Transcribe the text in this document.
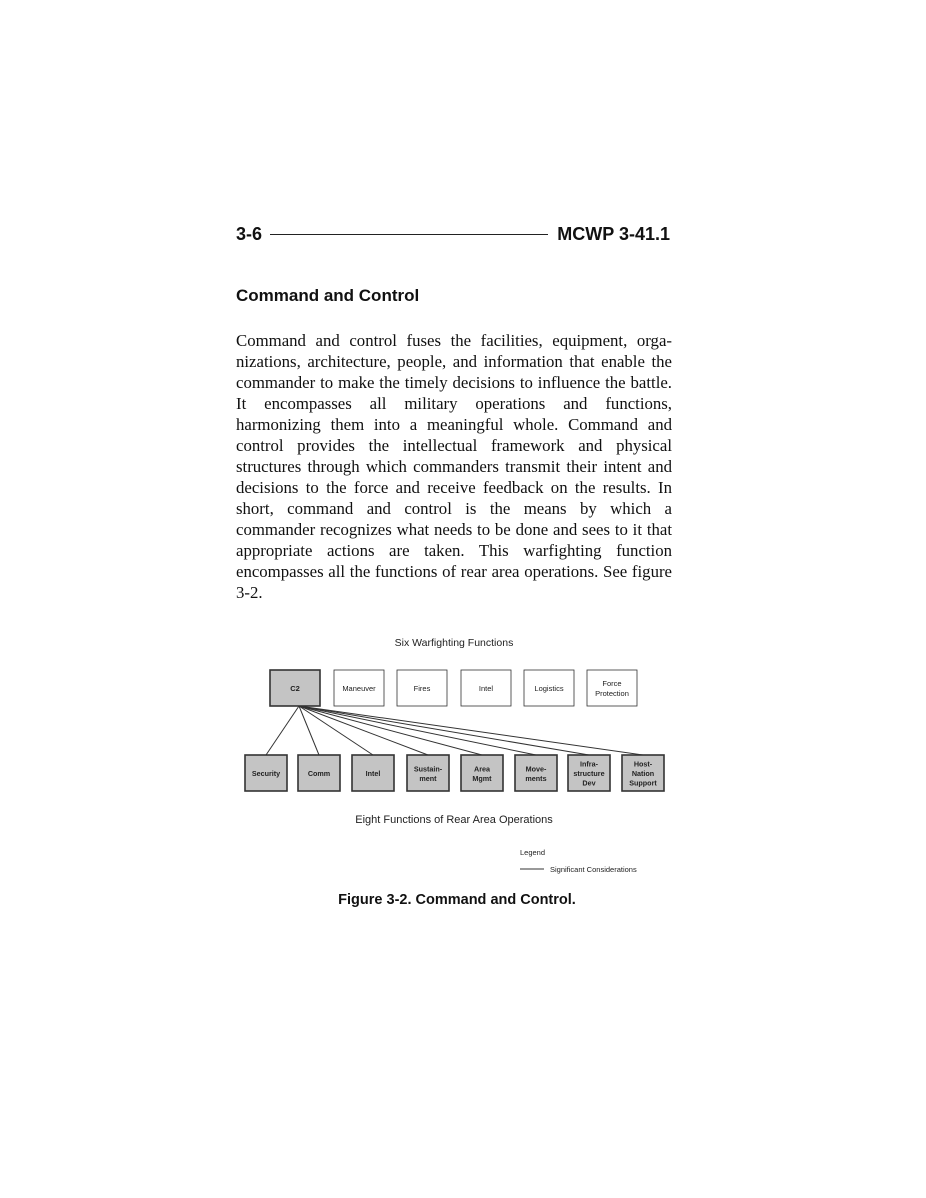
3-6	MCWP 3-41.1
Command and Control

Command and control fuses the facilities, equipment, organizations, architecture, people, and information that enable the commander to make the timely decisions to influence the battle. It encompasses all military operations and functions, harmonizing them into a meaningful whole. Command and control provides the intellectual framework and physical structures through which commanders transmit their intent and decisions to the force and receive feedback on the results. In short, command and control is the means by which a commander recognizes what needs to be done and sees to it that appropriate actions are taken. This warfighting function encompasses all the functions of rear area operations. See figure 3-2.

Six Warfighting Functions
C2	Maneuver	Fires	Intel	Logistics
Force
Protection
Security	Comm	Intel
Sustain-
ment
Area
Mgmt
Move-
ments
Infra-
structure
Dev
Host-
Nation
Support
Eight Functions of Rear Area Operations
Legend
Significant Considerations

Figure 3-2. Command and Control.
